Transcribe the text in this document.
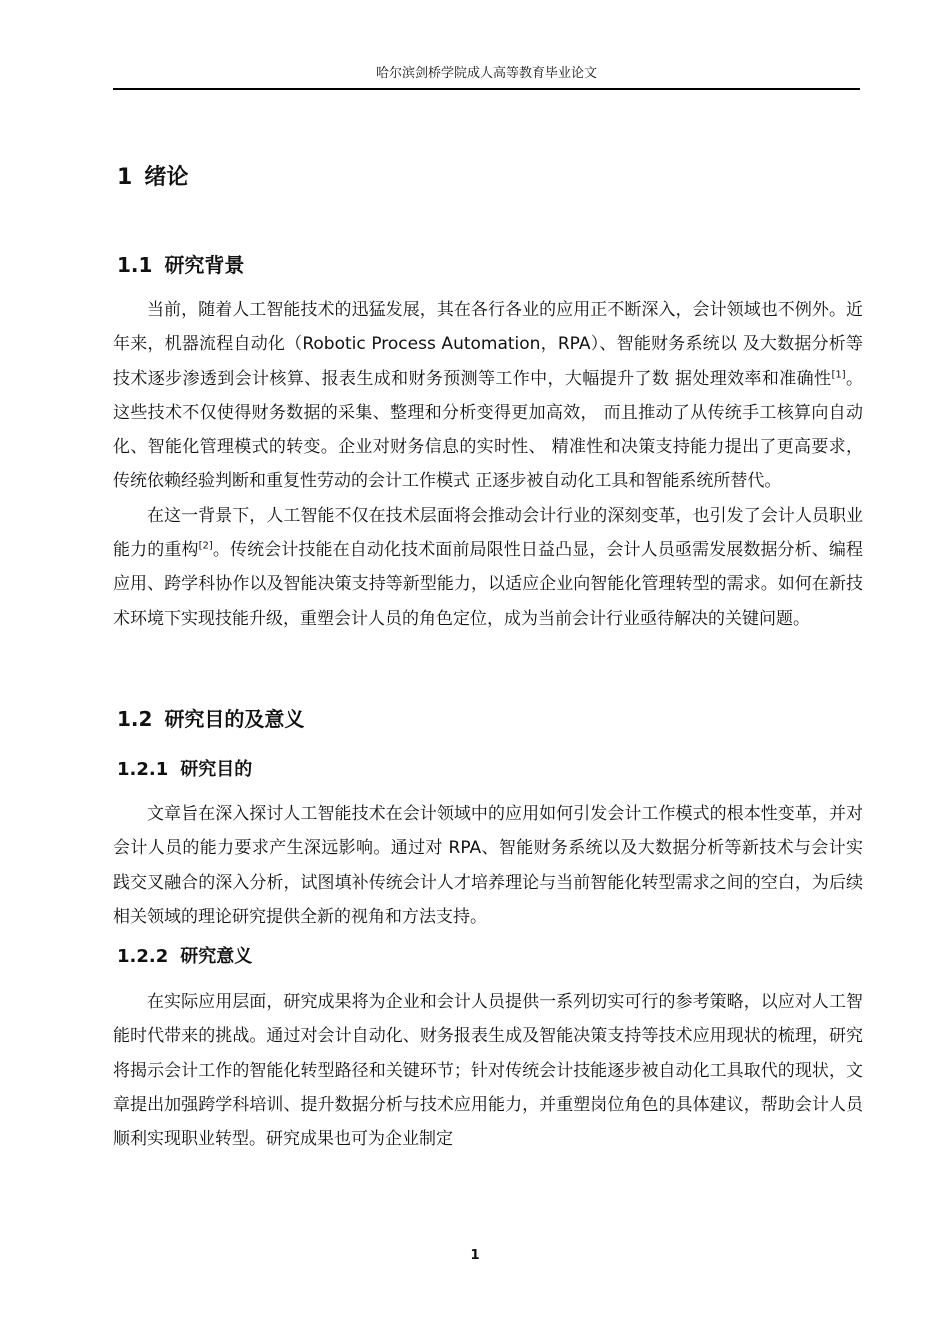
哈尔滨剑桥学院成人高等教育毕业论文
1 绪论
1.1 研究背景

当前，随着人工智能技术的迅猛发展，其在各行各业的应用正不断深入，会计领域也不例外。近年来，机器流程自动化（Robotic Process Automation，RPA）、智能财务系统以 及大数据分析等技术逐步渗透到会计核算、报表生成和财务预测等工作中，大幅提升了数 据处理效率和准确性[1]。这些技术不仅使得财务数据的采集、整理和分析变得更加高效， 而且推动了从传统手工核算向自动化、智能化管理模式的转变。企业对财务信息的实时性、 精准性和决策支持能力提出了更高要求，传统依赖经验判断和重复性劳动的会计工作模式 正逐步被自动化工具和智能系统所替代。

在这一背景下，人工智能不仅在技术层面将会推动会计行业的深刻变革，也引发了会计人员职业能力的重构[2]。传统会计技能在自动化技术面前局限性日益凸显，会计人员亟需发展数据分析、编程应用、跨学科协作以及智能决策支持等新型能力，以适应企业向智能化管理转型的需求。如何在新技术环境下实现技能升级，重塑会计人员的角色定位，成为当前会计行业亟待解决的关键问题。

1.2 研究目的及意义
1.2.1 研究目的

文章旨在深入探讨人工智能技术在会计领域中的应用如何引发会计工作模式的根本性变革，并对会计人员的能力要求产生深远影响。通过对 RPA、智能财务系统以及大数据分析等新技术与会计实践交叉融合的深入分析，试图填补传统会计人才培养理论与当前智能化转型需求之间的空白，为后续相关领域的理论研究提供全新的视角和方法支持。

1.2.2 研究意义

在实际应用层面，研究成果将为企业和会计人员提供一系列切实可行的参考策略，以应对人工智能时代带来的挑战。通过对会计自动化、财务报表生成及智能决策支持等技术应用现状的梳理，研究将揭示会计工作的智能化转型路径和关键环节；针对传统会计技能逐步被自动化工具取代的现状，文章提出加强跨学科培训、提升数据分析与技术应用能力，并重塑岗位角色的具体建议，帮助会计人员顺利实现职业转型。研究成果也可为企业制定

1
